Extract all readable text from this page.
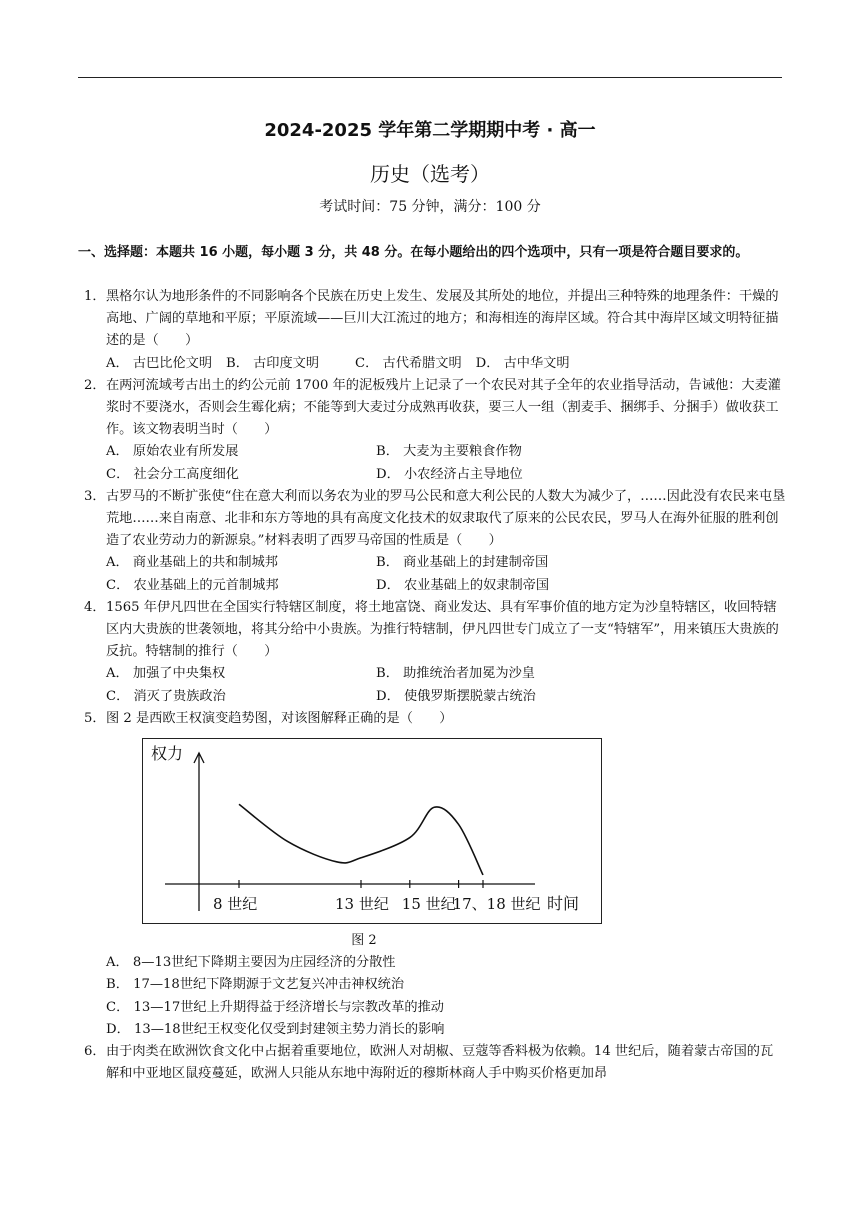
2024-2025 学年第二学期期中考 · 高一
历史（选考）
考试时间：75 分钟，满分：100 分
一、选择题：本题共 16 小题，每小题 3 分，共 48 分。在每小题给出的四个选项中，只有一项是符合题目要求的。
1． 黑格尔认为地形条件的不同影响各个民族在历史上发生、发展及其所处的地位，并提出三种特殊的地理条件：干燥的高地、广阔的草地和平原；平原流域——巨川大江流过的地方；和海相连的海岸区域。符合其中海岸区域文明特征描述的是（　　）
A． 古巴比伦文明 B． 古印度文明	C． 古代希腊文明 D． 古中华文明
2． 在两河流域考古出土的约公元前 1700 年的泥板残片上记录了一个农民对其子全年的农业指导活动，告诫他：大麦灌浆时不要浇水，否则会生霉化病；不能等到大麦过分成熟再收获，要三人一组（割麦手、捆绑手、分捆手）做收获工作。该文物表明当时（　　）
A． 原始农业有所发展	B． 大麦为主要粮食作物
C． 社会分工高度细化	D． 小农经济占主导地位
3． 古罗马的不断扩张使“住在意大利而以务农为业的罗马公民和意大利公民的人数大为减少了，……因此没有农民来屯垦荒地……来自南意、北非和东方等地的具有高度文化技术的奴隶取代了原来的公民农民，罗马人在海外征服的胜利创造了农业劳动力的新源泉。”材料表明了西罗马帝国的性质是（　　）
A． 商业基础上的共和制城邦	B． 商业基础上的封建制帝国
C． 农业基础上的元首制城邦	D． 农业基础上的奴隶制帝国
4． 1565 年伊凡四世在全国实行特辖区制度，将土地富饶、商业发达、具有军事价值的地方定为沙皇特辖区，收回特辖区内大贵族的世袭领地，将其分给中小贵族。为推行特辖制，伊凡四世专门成立了一支“特辖军”，用来镇压大贵族的反抗。特辖制的推行（　　）
A． 加强了中央集权	B． 助推统治者加冕为沙皇
C． 消灭了贵族政治	D． 使俄罗斯摆脱蒙古统治
5． 图 2 是西欧王权演变趋势图，对该图解释正确的是（　　）
权力
时间
8 世纪	13 世纪 15 世纪
17、18 世纪
图 2
A． 8—13世纪下降期主要因为庄园经济的分散性
B． 17—18世纪下降期源于文艺复兴冲击神权统治
C． 13—17世纪上升期得益于经济增长与宗教改革的推动
D． 13—18世纪王权变化仅受到封建领主势力消长的影响
6． 由于肉类在欧洲饮食文化中占据着重要地位，欧洲人对胡椒、豆蔻等香料极为依赖。14 世纪后，随着蒙古帝国的瓦解和中亚地区鼠疫蔓延，欧洲人只能从东地中海附近的穆斯林商人手中购买价格更加昂
